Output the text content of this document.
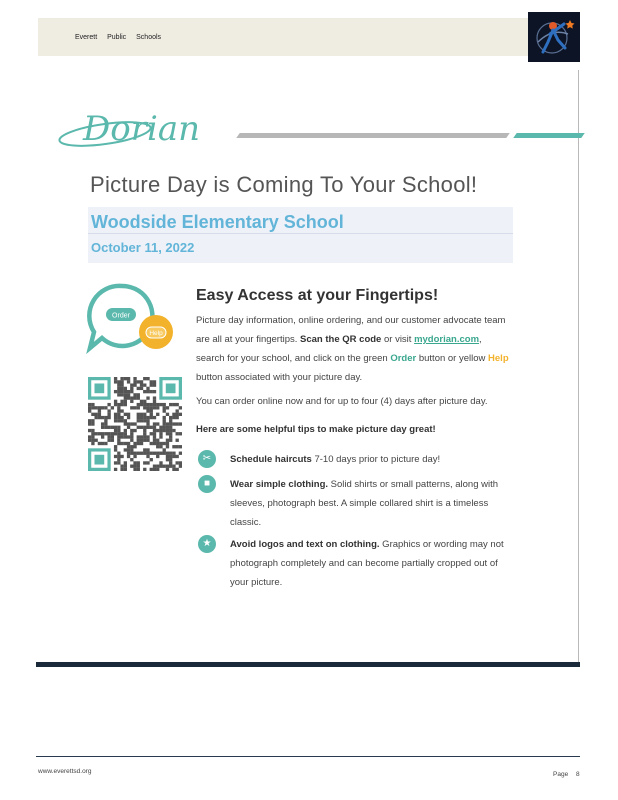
Everett Public Schools
Dorian
Picture Day is Coming To Your School!
Woodside Elementary School
October 11, 2022
Order
Help
Easy Access at your Fingertips!

Picture day information, online ordering, and our customer advocate team are all at your fingertips. Scan the QR code or visit mydorian.com, search for your school, and click on the green Order button or yellow Help button associated with your picture day.

You can order online now and for up to four (4) days after picture day.

Here are some helpful tips to make picture day great!

✂	Schedule haircuts 7-10 days prior to picture day!

■	Wear simple clothing. Solid shirts or small patterns, along with sleeves, photograph best. A simple collared shirt is a timeless classic.

★	Avoid logos and text on clothing. Graphics or wording may not photograph completely and can become partially cropped out of your picture.

www.everettsd.org	Page 8
